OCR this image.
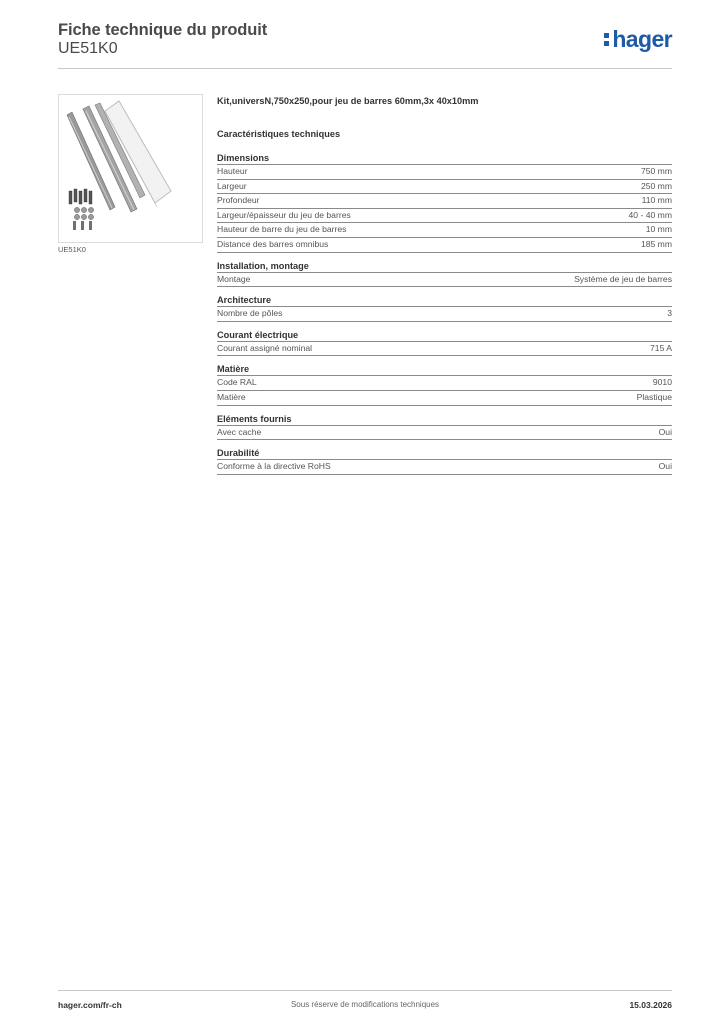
Fiche technique du produit
UE51K0	hager
UE51K0
Kit,universN,750x250,pour jeu de barres 60mm,3x 40x10mm
Caractéristiques techniques
Dimensions
Hauteur	750 mm
Largeur	250 mm
Profondeur	110 mm
Largeur/épaisseur du jeu de barres	40 - 40 mm
Hauteur de barre du jeu de barres	10 mm
Distance des barres omnibus	185 mm
Installation, montage
Montage	Système de jeu de barres
Architecture
Nombre de pôles	3
Courant électrique
Courant assigné nominal	715 A
Matière
Code RAL	9010
Matière	Plastique
Eléments fournis
Avec cache	Oui
Durabilité
Conforme à la directive RoHS	Oui
hager.com/fr-ch	Sous réserve de modifications techniques	15.03.2026
